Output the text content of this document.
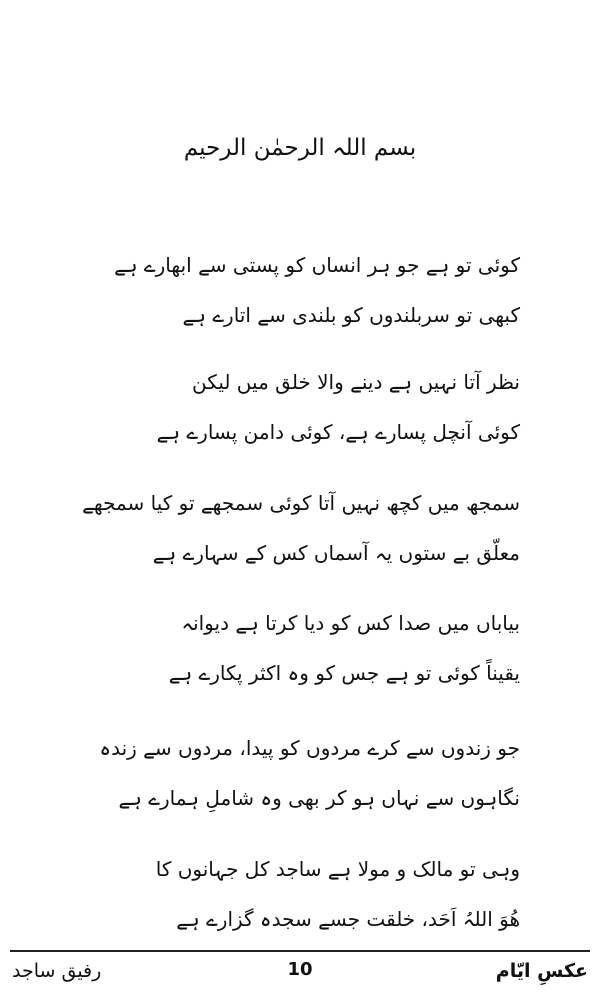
بسم اللہ الرحمٰن الرحیم
کوئی تو ہے جو ہر انساں کو پستی سے ابھارے ہے
کبھی تو سربلندوں کو بلندی سے اتارے ہے
نظر آتا نہیں ہے دینے والا خلق میں لیکن
کوئی آنچل پسارے ہے، کوئی دامن پسارے ہے
سمجھ میں کچھ نہیں آتا کوئی سمجھے تو کیا سمجھے
معلّق بے ستوں یہ آسماں کس کے سہارے ہے
بیاباں میں صدا کس کو دیا کرتا ہے دیوانہ
یقیناً کوئی تو ہے جس کو وہ اکثر پکارے ہے
جو زندوں سے کرے مردوں کو پیدا، مردوں سے زندہ
نگاہوں سے نہاں ہو کر بھی وہ شاملِ ہمارے ہے
وہی تو مالک و مولا ہے ساجد کل جہانوں کا
ھُوَ اللہُ اَحَد، خلقت جسے سجدہ گزارے ہے
عکسِ ایّام
10
رفیق ساجد
